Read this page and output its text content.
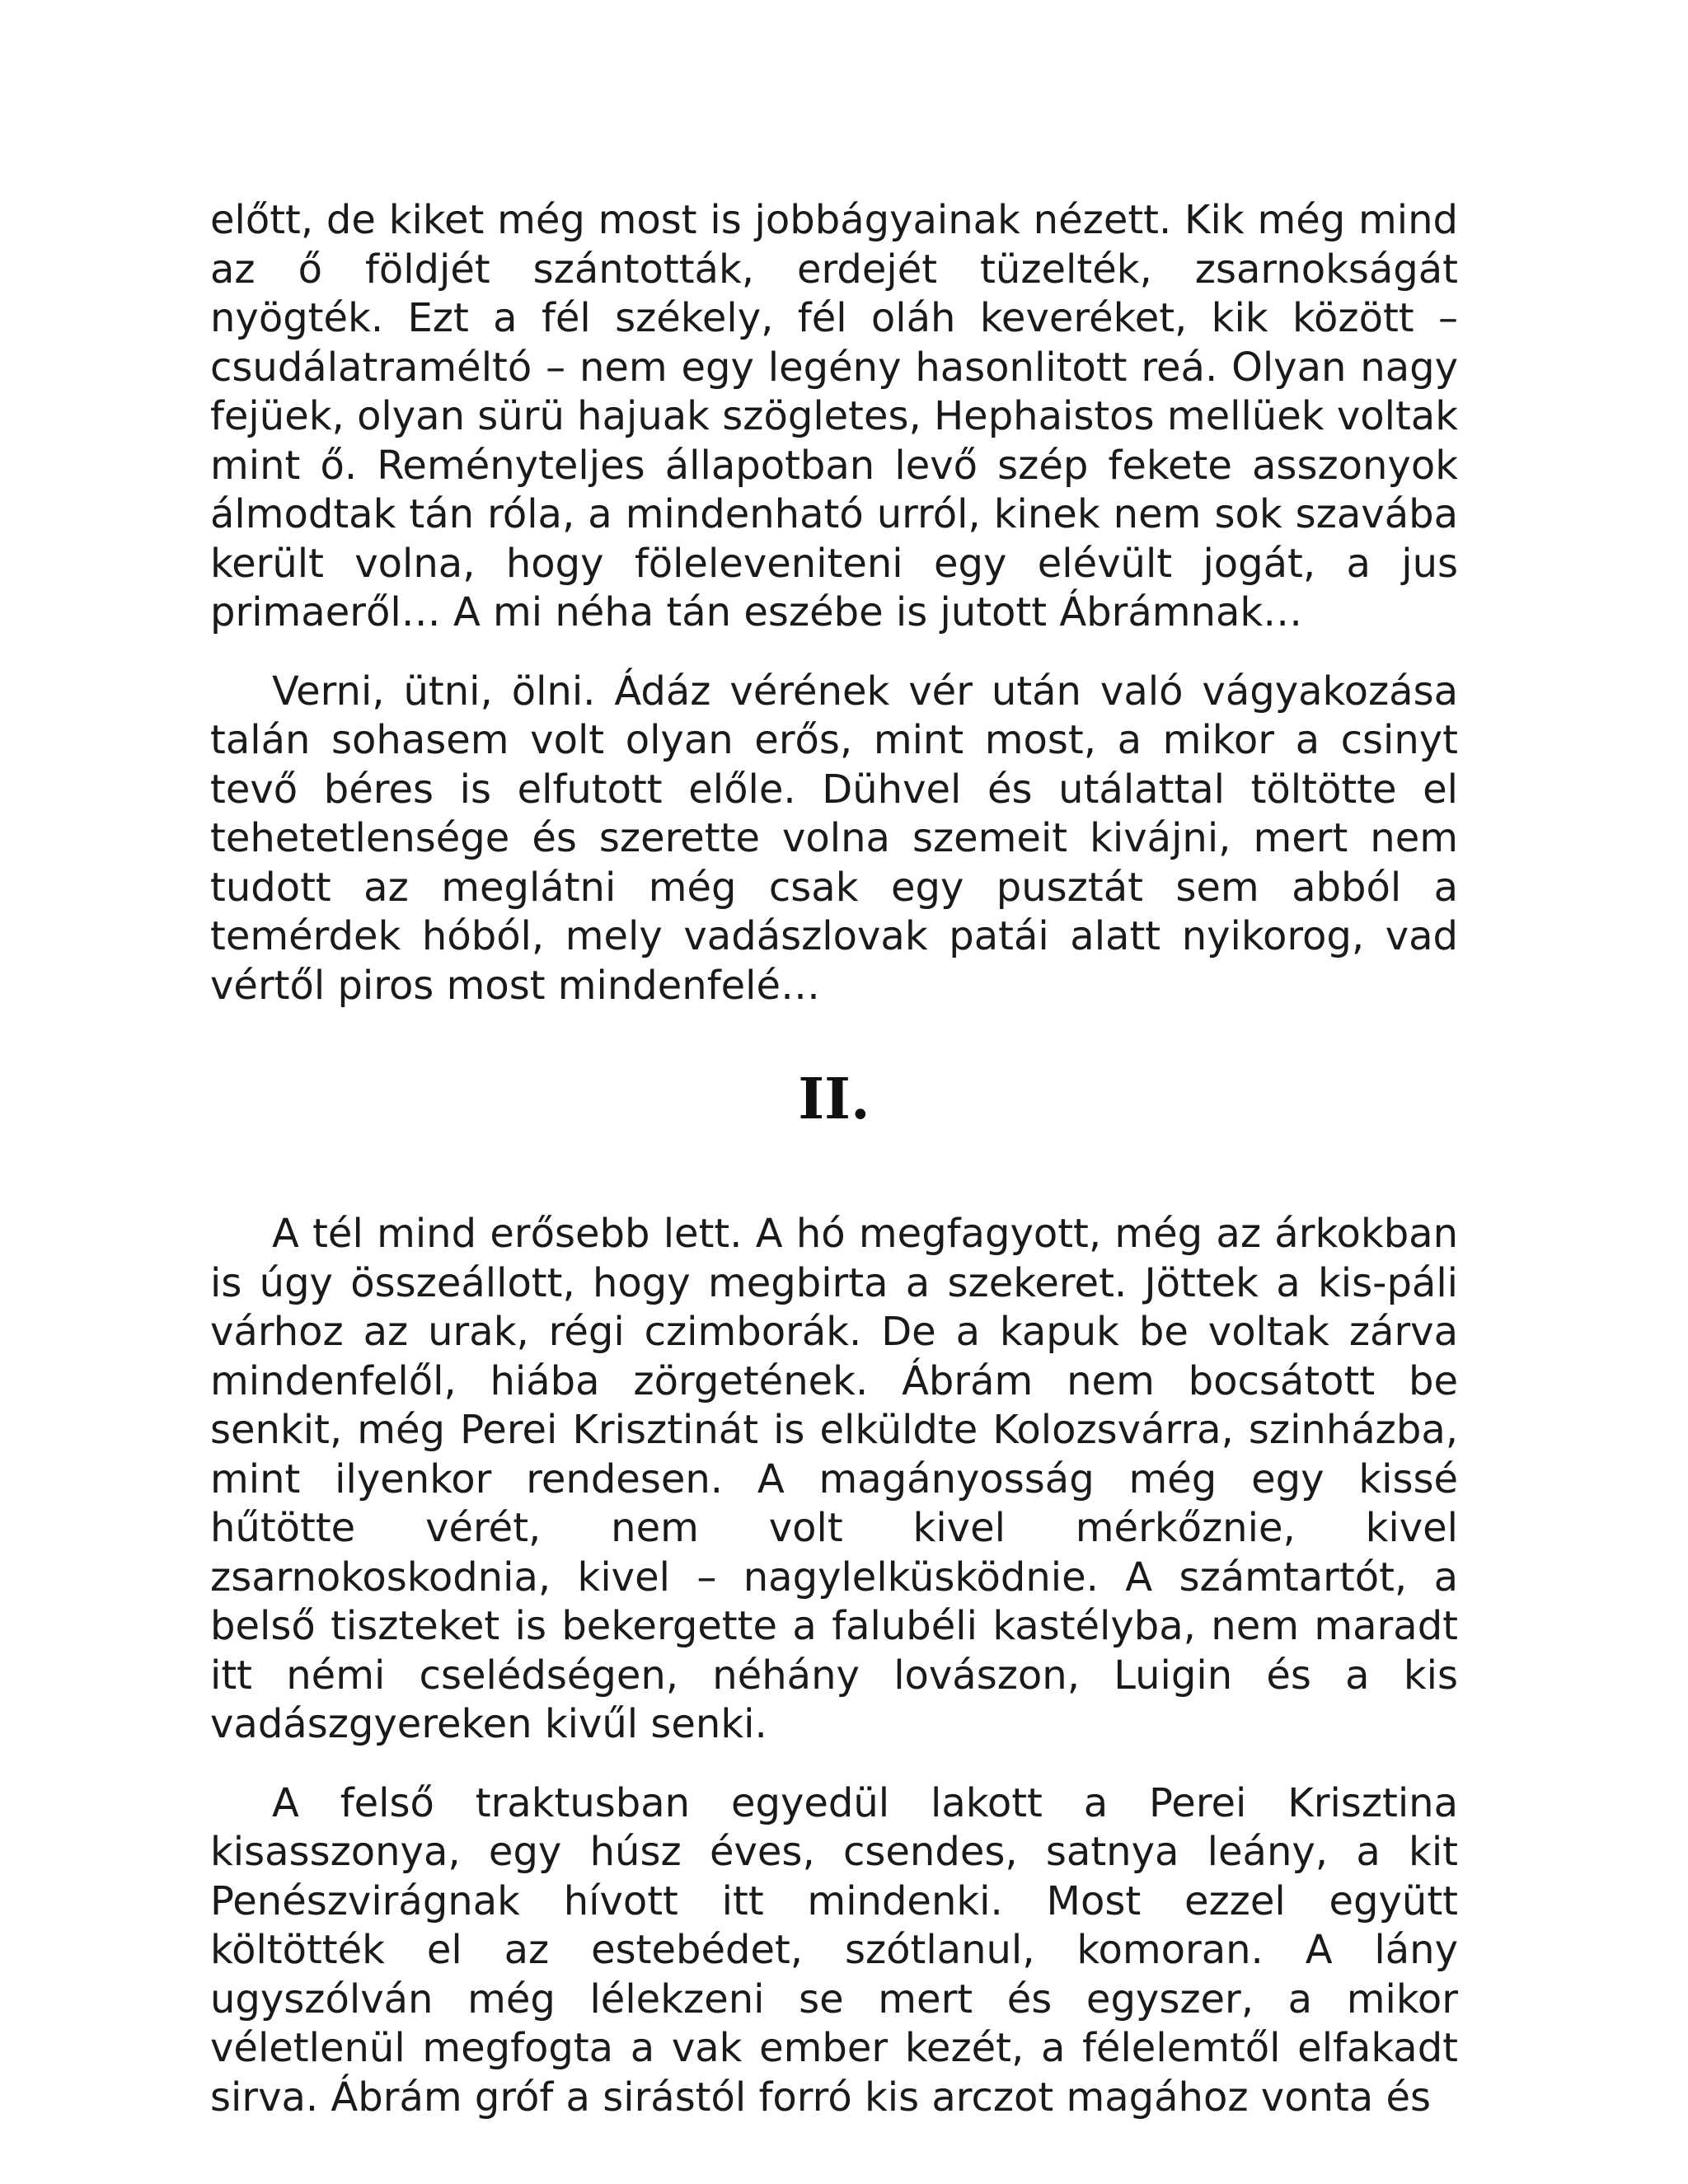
előtt, de kiket még most is jobbágyainak nézett. Kik még mind az ő földjét szántották, erdejét tüzelték, zsarnokságát nyögték. Ezt a fél székely, fél oláh keveréket, kik között – csudálatraméltó – nem egy legény hasonlitott reá. Olyan nagy fejüek, olyan sürü hajuak szögletes, Hephaistos mellüek voltak mint ő. Reményteljes állapotban levő szép fekete asszonyok álmodtak tán róla, a mindenható urról, kinek nem sok szavába került volna, hogy föleleveniteni egy elévült jogát, a jus primaeről… A mi néha tán eszébe is jutott Ábrámnak…

Verni, ütni, ölni. Ádáz vérének vér után való vágyakozása talán sohasem volt olyan erős, mint most, a mikor a csinyt tevő béres is elfutott előle. Dühvel és utálattal töltötte el tehetetlensége és szerette volna szemeit kivájni, mert nem tudott az meglátni még csak egy pusztát sem abból a temérdek hóból, mely vadászlovak patái alatt nyikorog, vad vértől piros most mindenfelé…

II.

A tél mind erősebb lett. A hó megfagyott, még az árkokban is úgy összeállott, hogy megbirta a szekeret. Jöttek a kis-páli várhoz az urak, régi czimborák. De a kapuk be voltak zárva mindenfelől, hiába zörgetének. Ábrám nem bocsátott be senkit, még Perei Krisztinát is elküldte Kolozsvárra, szinházba, mint ilyenkor rendesen. A magányosság még egy kissé hűtötte vérét, nem volt kivel mérkőznie, kivel zsarnokoskodnia, kivel – nagylelküsködnie. A számtartót, a belső tiszteket is bekergette a falubéli kastélyba, nem maradt itt némi cselédségen, néhány lovászon, Luigin és a kis vadászgyereken kivűl senki.

A felső traktusban egyedül lakott a Perei Krisztina kisasszonya, egy húsz éves, csendes, satnya leány, a kit Penészvirágnak hívott itt mindenki. Most ezzel együtt költötték el az estebédet, szótlanul, komoran. A lány ugyszólván még lélekzeni se mert és egyszer, a mikor véletlenül megfogta a vak ember kezét, a félelemtől elfakadt sirva. Ábrám gróf a sirástól forró kis arczot magához vonta és
